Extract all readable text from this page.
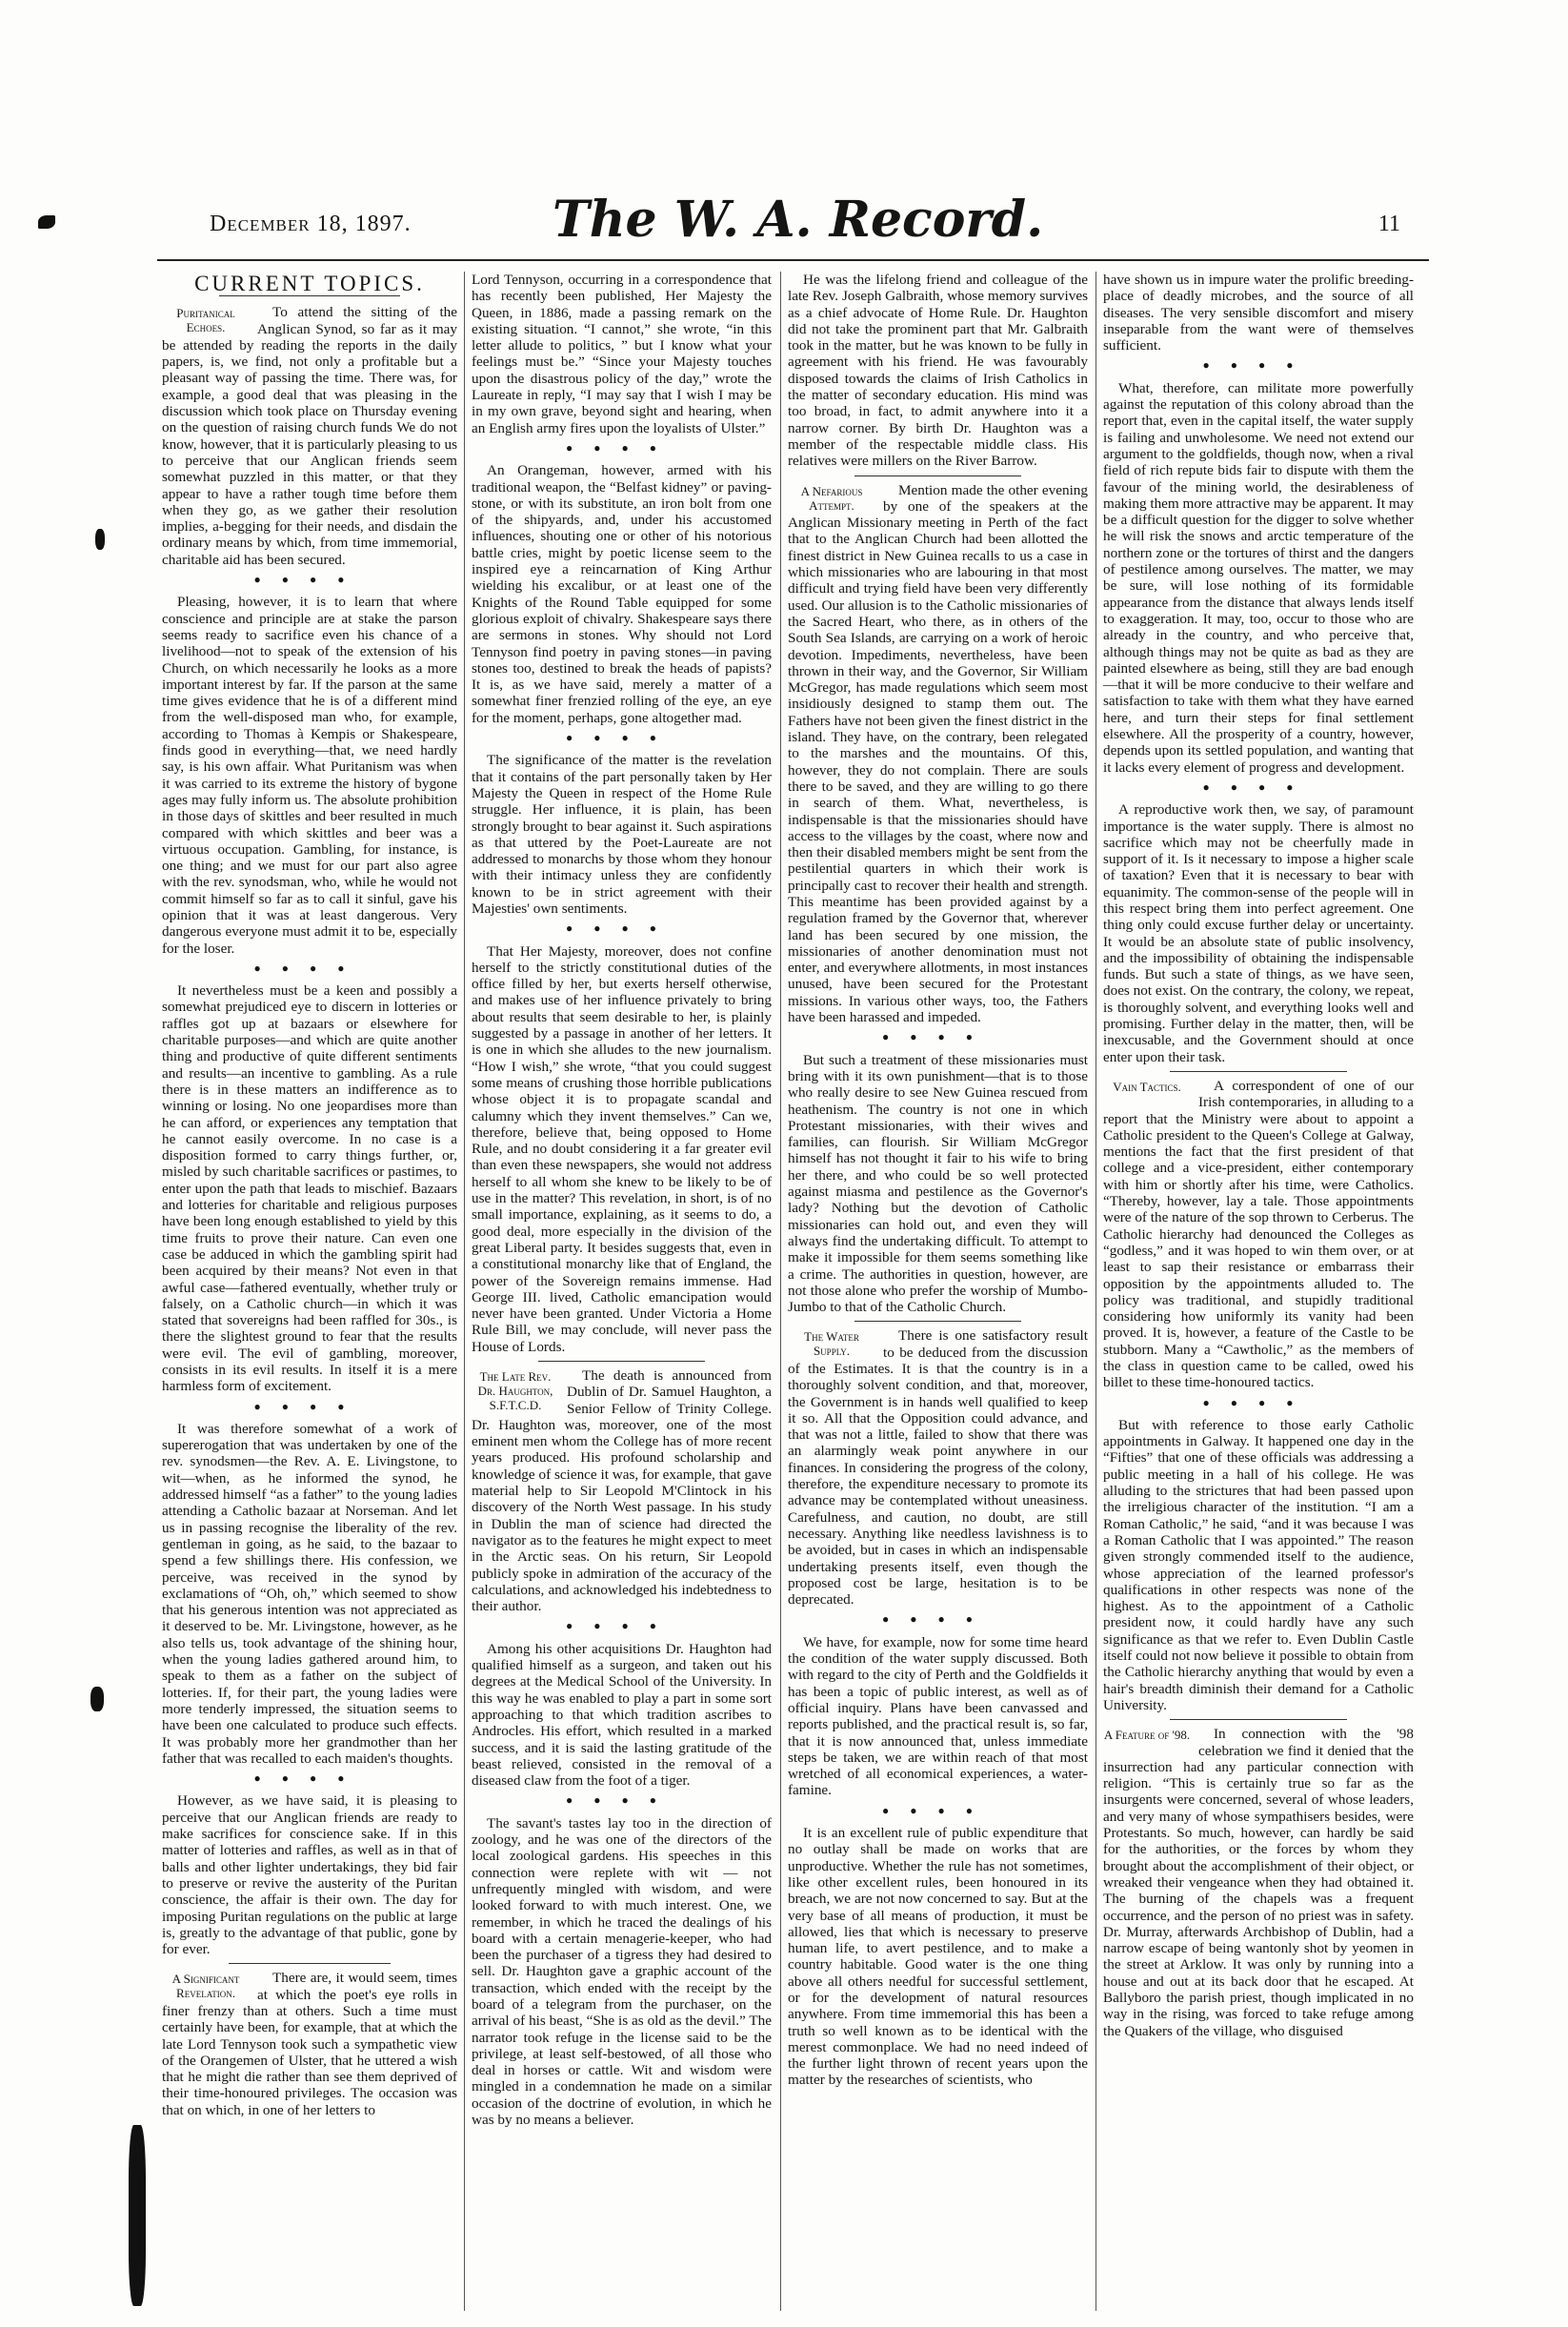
December 18, 1897.	The W. A. Record.	11
CURRENT TOPICS.
Puritanical Echoes.

To attend the sitting of the Anglican Synod, so far as it may be attended by reading the reports in the daily papers, is, we find, not only a profitable but a pleasant way of passing the time. There was, for example, a good deal that was pleasing in the discussion which took place on Thursday evening on the question of raising church funds We do not know, however, that it is particularly pleasing to us to perceive that our Anglican friends seem somewhat puzzled in this matter, or that they appear to have a rather tough time before them when they go, as we gather their resolution implies, a-begging for their needs, and disdain the ordinary means by which, from time immemorial, charitable aid has been secured.

●●●●

Pleasing, however, it is to learn that where conscience and principle are at stake the parson seems ready to sacrifice even his chance of a livelihood—not to speak of the extension of his Church, on which necessarily he looks as a more important interest by far. If the parson at the same time gives evidence that he is of a different mind from the well-disposed man who, for example, according to Thomas à Kempis or Shakespeare, finds good in everything—that, we need hardly say, is his own affair. What Puritanism was when it was carried to its extreme the history of bygone ages may fully inform us. The absolute prohibition in those days of skittles and beer resulted in much compared with which skittles and beer was a virtuous occupation. Gambling, for instance, is one thing; and we must for our part also agree with the rev. synodsman, who, while he would not commit himself so far as to call it sinful, gave his opinion that it was at least dangerous. Very dangerous everyone must admit it to be, especially for the loser.

●●●●

It nevertheless must be a keen and possibly a somewhat prejudiced eye to discern in lotteries or raffles got up at bazaars or elsewhere for charitable purposes—and which are quite another thing and productive of quite different sentiments and results—an incentive to gambling. As a rule there is in these matters an indifference as to winning or losing. No one jeopardises more than he can afford, or experiences any temptation that he cannot easily overcome. In no case is a disposition formed to carry things further, or, misled by such charitable sacrifices or pastimes, to enter upon the path that leads to mischief. Bazaars and lotteries for charitable and religious purposes have been long enough established to yield by this time fruits to prove their nature. Can even one case be adduced in which the gambling spirit had been acquired by their means? Not even in that awful case—fathered eventually, whether truly or falsely, on a Catholic church—in which it was stated that sovereigns had been raffled for 30s., is there the slightest ground to fear that the results were evil. The evil of gambling, moreover, consists in its evil results. In itself it is a mere harmless form of excitement.

●●●●

It was therefore somewhat of a work of supererogation that was undertaken by one of the rev. synodsmen—the Rev. A. E. Livingstone, to wit—when, as he informed the synod, he addressed himself “as a father” to the young ladies attending a Catholic bazaar at Norseman. And let us in passing recognise the liberality of the rev. gentleman in going, as he said, to the bazaar to spend a few shillings there. His confession, we perceive, was received in the synod by exclamations of “Oh, oh,” which seemed to show that his generous intention was not appreciated as it deserved to be. Mr. Livingstone, however, as he also tells us, took advantage of the shining hour, when the young ladies gathered around him, to speak to them as a father on the subject of lotteries. If, for their part, the young ladies were more tenderly impressed, the situation seems to have been one calculated to produce such effects. It was probably more her grandmother than her father that was recalled to each maiden's thoughts.

●●●●

However, as we have said, it is pleasing to perceive that our Anglican friends are ready to make sacrifices for conscience sake. If in this matter of lotteries and raffles, as well as in that of balls and other lighter undertakings, they bid fair to preserve or revive the austerity of the Puritan conscience, the affair is their own. The day for imposing Puritan regulations on the public at large is, greatly to the advantage of that public, gone by for ever.

A Significant Revelation.

There are, it would seem, times at which the poet's eye rolls in finer frenzy than at others. Such a time must certainly have been, for example, that at which the late Lord Tennyson took such a sympathetic view of the Orangemen of Ulster, that he uttered a wish that he might die rather than see them deprived of their time-honoured privileges. The occasion was that on which, in one of her letters to

Lord Tennyson, occurring in a correspondence that has recently been published, Her Majesty the Queen, in 1886, made a passing remark on the existing situation. “I cannot,” she wrote, “in this letter allude to politics, ” but I know what your feelings must be.” “Since your Majesty touches upon the disastrous policy of the day,” wrote the Laureate in reply, “I may say that I wish I may be in my own grave, beyond sight and hearing, when an English army fires upon the loyalists of Ulster.”

●●●●

An Orangeman, however, armed with his traditional weapon, the “Belfast kidney” or paving-stone, or with its substitute, an iron bolt from one of the shipyards, and, under his accustomed influences, shouting one or other of his notorious battle cries, might by poetic license seem to the inspired eye a reincarnation of King Arthur wielding his excalibur, or at least one of the Knights of the Round Table equipped for some glorious exploit of chivalry. Shakespeare says there are sermons in stones. Why should not Lord Tennyson find poetry in paving stones—in paving stones too, destined to break the heads of papists? It is, as we have said, merely a matter of a somewhat finer frenzied rolling of the eye, an eye for the moment, perhaps, gone altogether mad.

●●●●

The significance of the matter is the revelation that it contains of the part personally taken by Her Majesty the Queen in respect of the Home Rule struggle. Her influence, it is plain, has been strongly brought to bear against it. Such aspirations as that uttered by the Poet-Laureate are not addressed to monarchs by those whom they honour with their intimacy unless they are confidently known to be in strict agreement with their Majesties' own sentiments.

●●●●

That Her Majesty, moreover, does not confine herself to the strictly constitutional duties of the office filled by her, but exerts herself otherwise, and makes use of her influence privately to bring about results that seem desirable to her, is plainly suggested by a passage in another of her letters. It is one in which she alludes to the new journalism. “How I wish,” she wrote, “that you could suggest some means of crushing those horrible publications whose object it is to propagate scandal and calumny which they invent themselves.” Can we, therefore, believe that, being opposed to Home Rule, and no doubt considering it a far greater evil than even these newspapers, she would not address herself to all whom she knew to be likely to be of use in the matter? This revelation, in short, is of no small importance, explaining, as it seems to do, a good deal, more especially in the division of the great Liberal party. It besides suggests that, even in a constitutional monarchy like that of England, the power of the Sovereign remains immense. Had George III. lived, Catholic emancipation would never have been granted. Under Victoria a Home Rule Bill, we may conclude, will never pass the House of Lords.

The Late Rev. Dr. Haughton, S.F.T.C.D.

The death is announced from Dublin of Dr. Samuel Haughton, a Senior Fellow of Trinity College. Dr. Haughton was, moreover, one of the most eminent men whom the College has of more recent years produced. His profound scholarship and knowledge of science it was, for example, that gave material help to Sir Leopold M'Clintock in his discovery of the North West passage. In his study in Dublin the man of science had directed the navigator as to the features he might expect to meet in the Arctic seas. On his return, Sir Leopold publicly spoke in admiration of the accuracy of the calculations, and acknowledged his indebtedness to their author.

●●●●

Among his other acquisitions Dr. Haughton had qualified himself as a surgeon, and taken out his degrees at the Medical School of the University. In this way he was enabled to play a part in some sort approaching to that which tradition ascribes to Androcles. His effort, which resulted in a marked success, and it is said the lasting gratitude of the beast relieved, consisted in the removal of a diseased claw from the foot of a tiger.

●●●●

The savant's tastes lay too in the direction of zoology, and he was one of the directors of the local zoological gardens. His speeches in this connection were replete with wit — not unfrequently mingled with wisdom, and were looked forward to with much interest. One, we remember, in which he traced the dealings of his board with a certain menagerie-keeper, who had been the purchaser of a tigress they had desired to sell. Dr. Haughton gave a graphic account of the transaction, which ended with the receipt by the board of a telegram from the purchaser, on the arrival of his beast, “She is as old as the devil.” The narrator took refuge in the license said to be the privilege, at least self-bestowed, of all those who deal in horses or cattle. Wit and wisdom were mingled in a condemnation he made on a similar occasion of the doctrine of evolution, in which he was by no means a believer.

He was the lifelong friend and colleague of the late Rev. Joseph Galbraith, whose memory survives as a chief advocate of Home Rule. Dr. Haughton did not take the prominent part that Mr. Galbraith took in the matter, but he was known to be fully in agreement with his friend. He was favourably disposed towards the claims of Irish Catholics in the matter of secondary education. His mind was too broad, in fact, to admit anywhere into it a narrow corner. By birth Dr. Haughton was a member of the respectable middle class. His relatives were millers on the River Barrow.

A Nefarious Attempt.

Mention made the other evening by one of the speakers at the Anglican Missionary meeting in Perth of the fact that to the Anglican Church had been allotted the finest district in New Guinea recalls to us a case in which missionaries who are labouring in that most difficult and trying field have been very differently used. Our allusion is to the Catholic missionaries of the Sacred Heart, who there, as in others of the South Sea Islands, are carrying on a work of heroic devotion. Impediments, nevertheless, have been thrown in their way, and the Governor, Sir William McGregor, has made regulations which seem most insidiously designed to stamp them out. The Fathers have not been given the finest district in the island. They have, on the contrary, been relegated to the marshes and the mountains. Of this, however, they do not complain. There are souls there to be saved, and they are willing to go there in search of them. What, nevertheless, is indispensable is that the missionaries should have access to the villages by the coast, where now and then their disabled members might be sent from the pestilential quarters in which their work is principally cast to recover their health and strength. This meantime has been provided against by a regulation framed by the Governor that, wherever land has been secured by one mission, the missionaries of another denomination must not enter, and everywhere allotments, in most instances unused, have been secured for the Protestant missions. In various other ways, too, the Fathers have been harassed and impeded.

●●●●

But such a treatment of these missionaries must bring with it its own punishment—that is to those who really desire to see New Guinea rescued from heathenism. The country is not one in which Protestant missionaries, with their wives and families, can flourish. Sir William McGregor himself has not thought it fair to his wife to bring her there, and who could be so well protected against miasma and pestilence as the Governor's lady? Nothing but the devotion of Catholic missionaries can hold out, and even they will always find the undertaking difficult. To attempt to make it impossible for them seems something like a crime. The authorities in question, however, are not those alone who prefer the worship of Mumbo-Jumbo to that of the Catholic Church.

The Water Supply.

There is one satisfactory result to be deduced from the discussion of the Estimates. It is that the country is in a thoroughly solvent condition, and that, moreover, the Government is in hands well qualified to keep it so. All that the Opposition could advance, and that was not a little, failed to show that there was an alarmingly weak point anywhere in our finances. In considering the progress of the colony, therefore, the expenditure necessary to promote its advance may be contemplated without uneasiness. Carefulness, and caution, no doubt, are still necessary. Anything like needless lavishness is to be avoided, but in cases in which an indispensable undertaking presents itself, even though the proposed cost be large, hesitation is to be deprecated.

●●●●

We have, for example, now for some time heard the condition of the water supply discussed. Both with regard to the city of Perth and the Goldfields it has been a topic of public interest, as well as of official inquiry. Plans have been canvassed and reports published, and the practical result is, so far, that it is now announced that, unless immediate steps be taken, we are within reach of that most wretched of all economical experiences, a water-famine.

●●●●

It is an excellent rule of public expenditure that no outlay shall be made on works that are unproductive. Whether the rule has not sometimes, like other excellent rules, been honoured in its breach, we are not now concerned to say. But at the very base of all means of production, it must be allowed, lies that which is necessary to preserve human life, to avert pestilence, and to make a country habitable. Good water is the one thing above all others needful for successful settlement, or for the development of natural resources anywhere. From time immemorial this has been a truth so well known as to be identical with the merest commonplace. We had no need indeed of the further light thrown of recent years upon the matter by the researches of scientists, who

have shown us in impure water the prolific breeding-place of deadly microbes, and the source of all diseases. The very sensible discomfort and misery inseparable from the want were of themselves sufficient.

●●●●

What, therefore, can militate more powerfully against the reputation of this colony abroad than the report that, even in the capital itself, the water supply is failing and unwholesome. We need not extend our argument to the goldfields, though now, when a rival field of rich repute bids fair to dispute with them the favour of the mining world, the desirableness of making them more attractive may be apparent. It may be a difficult question for the digger to solve whether he will risk the snows and arctic temperature of the northern zone or the tortures of thirst and the dangers of pestilence among ourselves. The matter, we may be sure, will lose nothing of its formidable appearance from the distance that always lends itself to exaggeration. It may, too, occur to those who are already in the country, and who perceive that, although things may not be quite as bad as they are painted elsewhere as being, still they are bad enough—that it will be more conducive to their welfare and satisfaction to take with them what they have earned here, and turn their steps for final settlement elsewhere. All the prosperity of a country, however, depends upon its settled population, and wanting that it lacks every element of progress and development.

●●●●

A reproductive work then, we say, of paramount importance is the water supply. There is almost no sacrifice which may not be cheerfully made in support of it. Is it necessary to impose a higher scale of taxation? Even that it is necessary to bear with equanimity. The common-sense of the people will in this respect bring them into perfect agreement. One thing only could excuse further delay or uncertainty. It would be an absolute state of public insolvency, and the impossibility of obtaining the indispensable funds. But such a state of things, as we have seen, does not exist. On the contrary, the colony, we repeat, is thoroughly solvent, and everything looks well and promising. Further delay in the matter, then, will be inexcusable, and the Government should at once enter upon their task.

Vain Tactics.	A correspondent of one of our Irish contemporaries, in alluding to a report that the Ministry were about to appoint a Catholic president to the Queen's College at Galway, mentions the fact that the first president of that college and a vice-president, either contemporary with him or shortly after his time, were Catholics. “Thereby, however, lay a tale. Those appointments were of the nature of the sop thrown to Cerberus. The Catholic hierarchy had denounced the Colleges as “godless,” and it was hoped to win them over, or at least to sap their resistance or embarrass their opposition by the appointments alluded to. The policy was traditional, and stupidly traditional considering how uniformly its vanity had been proved. It is, however, a feature of the Castle to be stubborn. Many a “Cawtholic,” as the members of the class in question came to be called, owed his billet to these time-honoured tactics.

●●●●

But with reference to those early Catholic appointments in Galway. It happened one day in the “Fifties” that one of these officials was addressing a public meeting in a hall of his college. He was alluding to the strictures that had been passed upon the irreligious character of the institution. “I am a Roman Catholic,” he said, “and it was because I was a Roman Catholic that I was appointed.” The reason given strongly commended itself to the audience, whose appreciation of the learned professor's qualifications in other respects was none of the highest. As to the appointment of a Catholic president now, it could hardly have any such significance as that we refer to. Even Dublin Castle itself could not now believe it possible to obtain from the Catholic hierarchy anything that would by even a hair's breadth diminish their demand for a Catholic University.

A Feature of '98.	In connection with the '98 celebration we find it denied that the insurrection had any particular connection with religion. “This is certainly true so far as the insurgents were concerned, several of whose leaders, and very many of whose sympathisers besides, were Protestants. So much, however, can hardly be said for the authorities, or the forces by whom they brought about the accomplishment of their object, or wreaked their vengeance when they had obtained it. The burning of the chapels was a frequent occurrence, and the person of no priest was in safety. Dr. Murray, afterwards Archbishop of Dublin, had a narrow escape of being wantonly shot by yeomen in the street at Arklow. It was only by running into a house and out at its back door that he escaped. At Ballyboro the parish priest, though implicated in no way in the rising, was forced to take refuge among the Quakers of the village, who disguised
